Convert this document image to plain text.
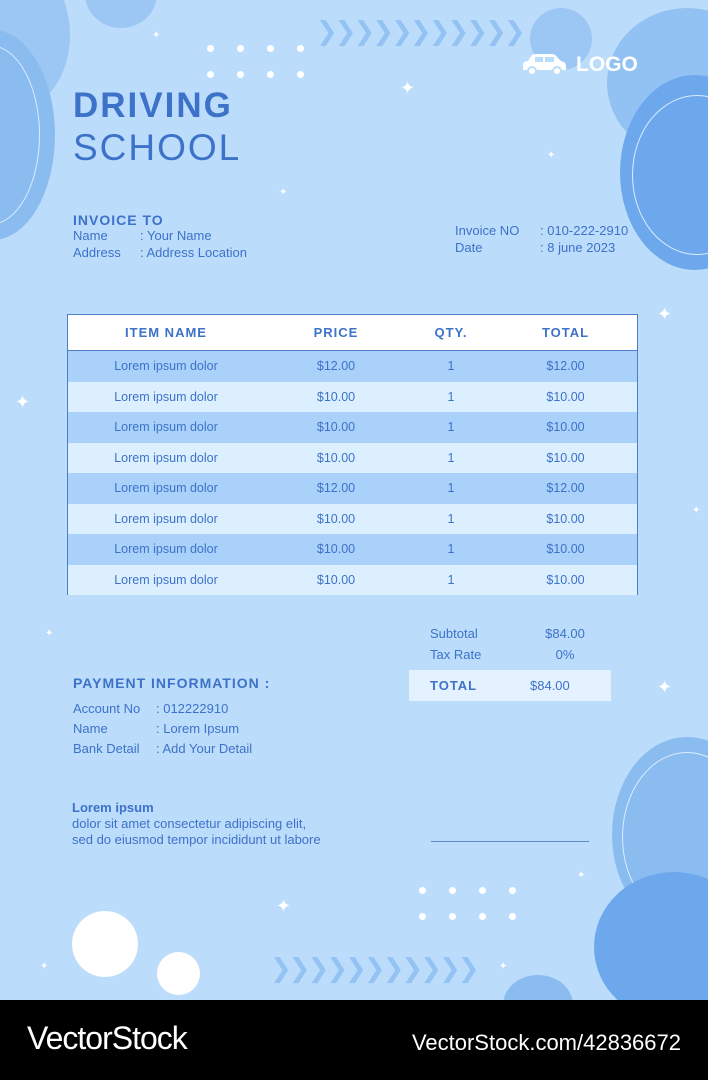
❯❯❯❯❯❯❯❯❯❯❯
❯❯❯❯❯❯❯❯❯❯❯
✦
✦
✦
✦
✦
✦
✦
✦
✦
✦
✦
✦	✦
LOGO
DRIVING
SCHOOL
INVOICE TO
Name	: Your Name
Address	: Address Location
Invoice NO	: 010-222-2910
Date	: 8 june 2023
ITEM NAME	PRICE	QTY.	TOTAL
Lorem ipsum dolor	$12.00	1	$12.00
Lorem ipsum dolor	$10.00	1	$10.00
Lorem ipsum dolor	$10.00	1	$10.00
Lorem ipsum dolor	$10.00	1	$10.00
Lorem ipsum dolor	$12.00	1	$12.00
Lorem ipsum dolor	$10.00	1	$10.00
Lorem ipsum dolor	$10.00	1	$10.00
Lorem ipsum dolor	$10.00	1	$10.00
Subtotal	$84.00
Tax Rate	0%
TOTAL	$84.00
PAYMENT INFORMATION :
Account No	: 012222910
Name	: Lorem Ipsum
Bank Detail	: Add Your Detail
Lorem ipsum
dolor sit amet consectetur adipiscing elit, sed do eiusmod tempor incididunt ut labore
VectorStock	VectorStock.com/42836672
